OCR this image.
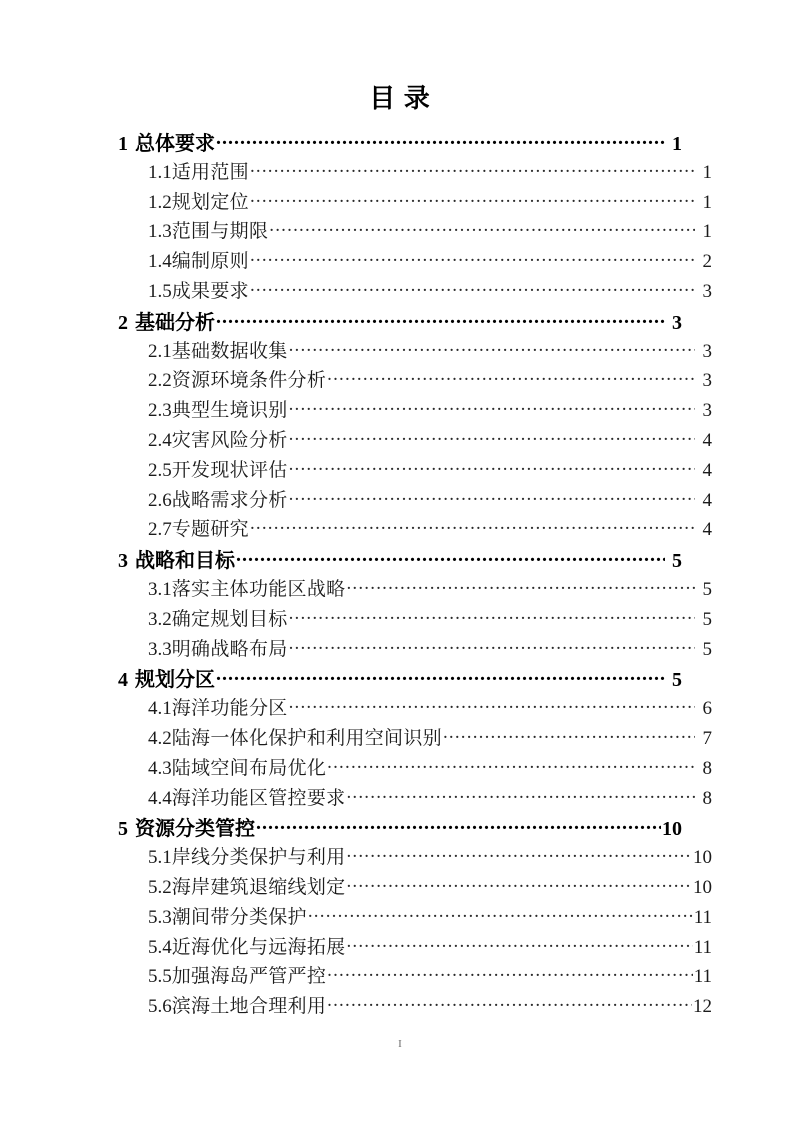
目 录
1 总体要求 .....	1
1.1 适用范围 .....	1
1.2 规划定位 .....	1
1.3 范围与期限 .....	1
1.4 编制原则 .....	2
1.5 成果要求 .....	3
2 基础分析 .....	3
2.1 基础数据收集 .....	3
2.2 资源环境条件分析 .....	3
2.3 典型生境识别 .....	3
2.4 灾害风险分析 .....	4
2.5 开发现状评估 .....	4
2.6 战略需求分析 .....	4
2.7 专题研究 .....	4
3 战略和目标 .....	5
3.1 落实主体功能区战略 .....	5
3.2 确定规划目标 .....	5
3.3 明确战略布局 .....	5
4 规划分区 .....	5
4.1 海洋功能分区 .....	6
4.2 陆海一体化保护和利用空间识别 .....	7
4.3 陆域空间布局优化 .....	8
4.4 海洋功能区管控要求 .....	8
5 资源分类管控 .....	10
5.1 岸线分类保护与利用 .....	10
5.2 海岸建筑退缩线划定 .....	10
5.3 潮间带分类保护 .....	11
5.4 近海优化与远海拓展 .....	11
5.5 加强海岛严管严控 .....	11
5.6 滨海土地合理利用 .....	12
I
